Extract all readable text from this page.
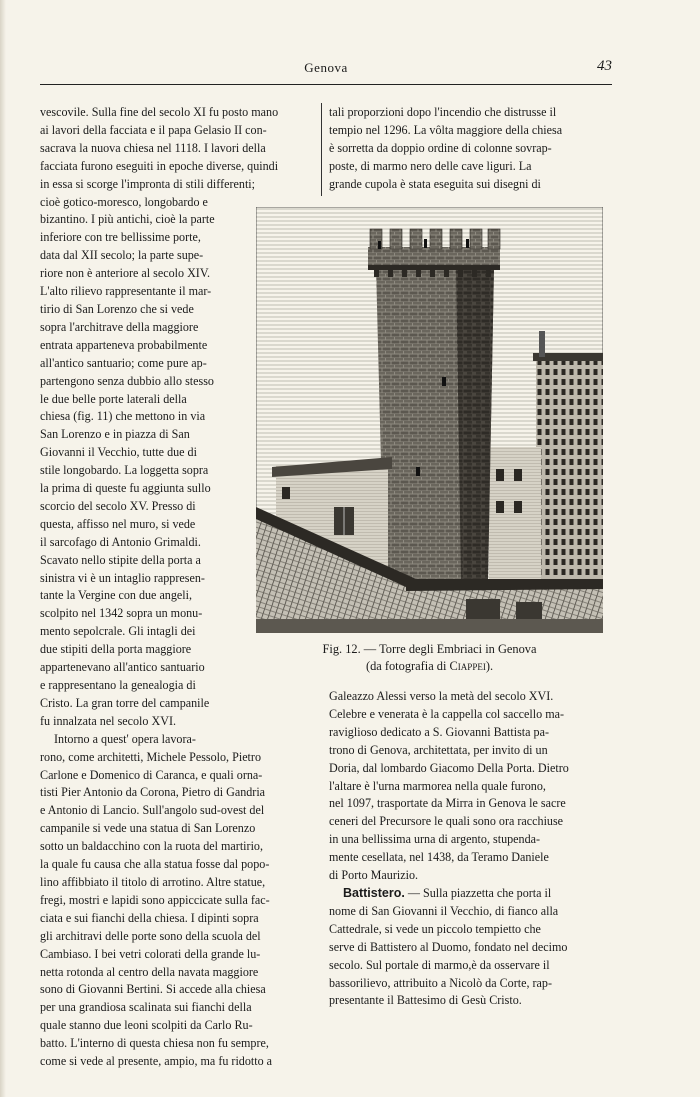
Genova	43

vescovile. Sulla fine del secolo XI fu posto mano

ai lavori della facciata e il papa Gelasio II con-

sacrava la nuova chiesa nel 1118. I lavori della

facciata furono eseguiti in epoche diverse, quindi

in essa si scorge l'impronta di stili differenti;

cioè gotico-moresco, longobardo e

bizantino. I più antichi, cioè la parte

inferiore con tre bellissime porte,

data dal XII secolo; la parte supe-

riore non è anteriore al secolo XIV.

L'alto rilievo rappresentante il mar-

tirio di San Lorenzo che si vede

sopra l'architrave della maggiore

entrata apparteneva probabilmente

all'antico santuario; come pure ap-

partengono senza dubbio allo stesso

le due belle porte laterali della

chiesa (fig. 11) che mettono in via

San Lorenzo e in piazza di San

Giovanni il Vecchio, tutte due di

stile longobardo. La loggetta sopra

la prima di queste fu aggiunta sullo

scorcio del secolo XV. Presso di

questa, affisso nel muro, si vede

il sarcofago di Antonio Grimaldi.

Scavato nello stipite della porta a

sinistra vi è un intaglio rappresen-

tante la Vergine con due angeli,

scolpito nel 1342 sopra un monu-

mento sepolcrale. Gli intagli dei

due stipiti della porta maggiore

appartenevano all'antico santuario

e rappresentano la genealogia di

Cristo. La gran torre del campanile

fu innalzata nel secolo XVI.

Intorno a quest' opera lavora-

rono, come architetti, Michele Pessolo, Pietro

Carlone e Domenico di Caranca, e quali orna-

tisti Pier Antonio da Corona, Pietro di Gandria

e Antonio di Lancio. Sull'angolo sud-ovest del

campanile si vede una statua di San Lorenzo

sotto un baldacchino con la ruota del martirio,

la quale fu causa che alla statua fosse dal popo-

lino affibbiato il titolo di arrotino. Altre statue,

fregi, mostri e lapidi sono appiccicate sulla fac-

ciata e sui fianchi della chiesa. I dipinti sopra

gli architravi delle porte sono della scuola del

Cambiaso. I bei vetri colorati della grande lu-

netta rotonda al centro della navata maggiore

sono di Giovanni Bertini. Si accede alla chiesa

per una grandiosa scalinata sui fianchi della

quale stanno due leoni scolpiti da Carlo Ru-

batto. L'interno di questa chiesa non fu sempre,

come si vede al presente, ampio, ma fu ridotto a

tali proporzioni dopo l'incendio che distrusse il

tempio nel 1296. La vôlta maggiore della chiesa

è sorretta da doppio ordine di colonne sovrap-

poste, di marmo nero delle cave liguri. La

grande cupola è stata eseguita sui disegni di

Fig. 12. — Torre degli Embriaci in Genova
(da fotografia di Ciappei).

Galeazzo Alessi verso la metà del secolo XVI.

Celebre e venerata è la cappella col saccello ma-

raviglioso dedicato a S. Giovanni Battista pa-

trono di Genova, architettata, per invito di un

Doria, dal lombardo Giacomo Della Porta. Dietro

l'altare è l'urna marmorea nella quale furono,

nel 1097, trasportate da Mirra in Genova le sacre

ceneri del Precursore le quali sono ora racchiuse

in una bellissima urna di argento, stupenda-

mente cesellata, nel 1438, da Teramo Daniele

di Porto Maurizio.

Battistero. — Sulla piazzetta che porta il

nome di San Giovanni il Vecchio, di fianco alla

Cattedrale, si vede un piccolo tempietto che

serve di Battistero al Duomo, fondato nel decimo

secolo. Sul portale di marmo,è da osservare il

bassorilievo, attribuito a Nicolò da Corte, rap-

presentante il Battesimo di Gesù Cristo.
